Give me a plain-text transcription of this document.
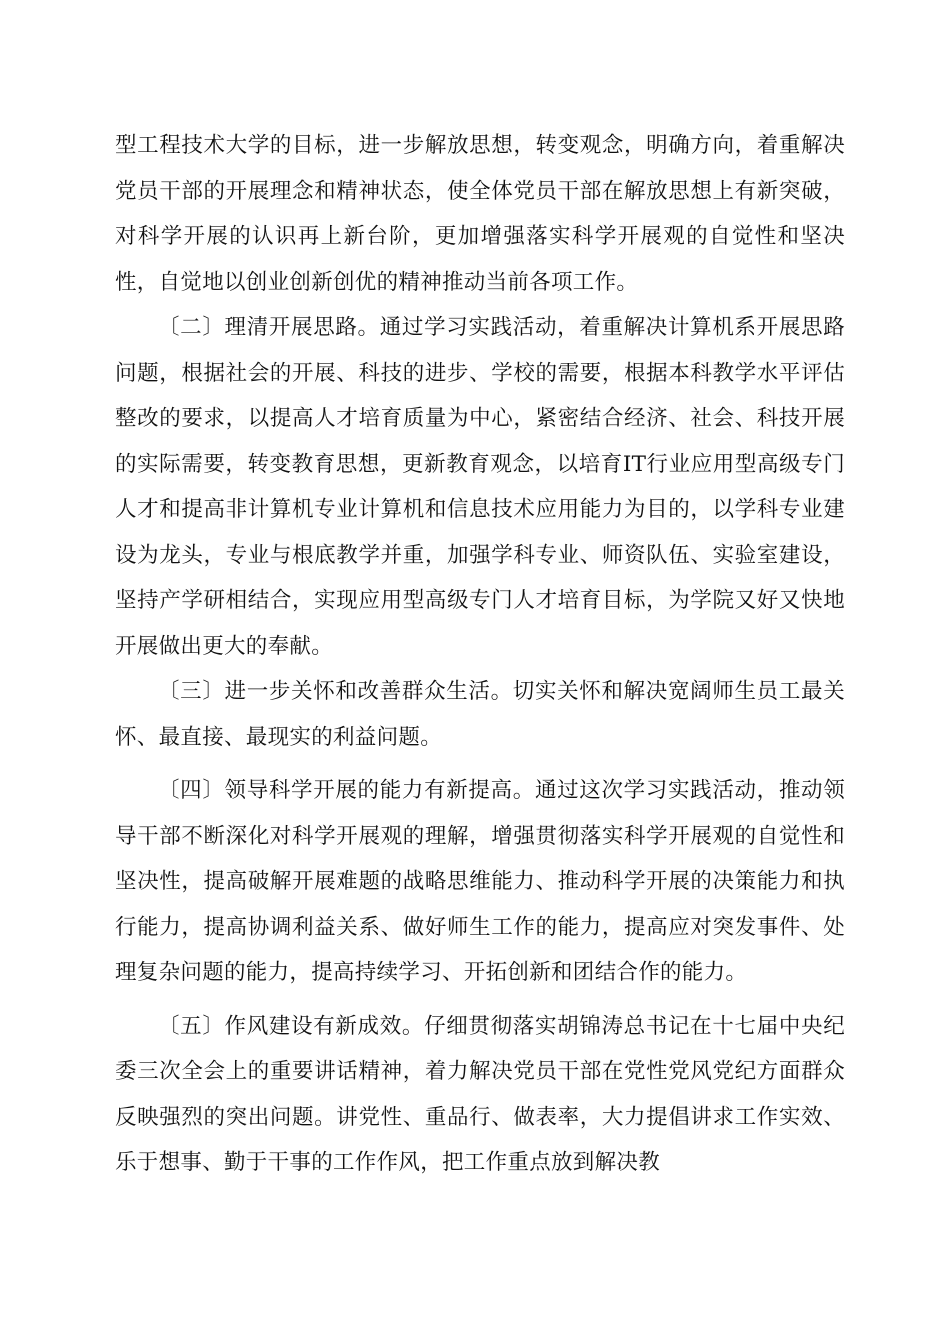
型工程技术大学的目标，进一步解放思想，转变观念，明确方向，着重解决党员干部的开展理念和精神状态，使全体党员干部在解放思想上有新突破，对科学开展的认识再上新台阶，更加增强落实科学开展观的自觉性和坚决性，自觉地以创业创新创优的精神推动当前各项工作。

〔二〕理清开展思路。通过学习实践活动，着重解决计算机系开展思路问题，根据社会的开展、科技的进步、学校的需要，根据本科教学水平评估整改的要求，以提高人才培育质量为中心，紧密结合经济、社会、科技开展的实际需要，转变教育思想，更新教育观念，以培育IT行业应用型高级专门人才和提高非计算机专业计算机和信息技术应用能力为目的，以学科专业建设为龙头，专业与根底教学并重，加强学科专业、师资队伍、实验室建设，坚持产学研相结合，实现应用型高级专门人才培育目标，为学院又好又快地开展做出更大的奉献。

〔三〕进一步关怀和改善群众生活。切实关怀和解决宽阔师生员工最关怀、最直接、最现实的利益问题。

〔四〕领导科学开展的能力有新提高。通过这次学习实践活动，推动领导干部不断深化对科学开展观的理解，增强贯彻落实科学开展观的自觉性和坚决性，提高破解开展难题的战略思维能力、推动科学开展的决策能力和执行能力，提高协调利益关系、做好师生工作的能力，提高应对突发事件、处理复杂问题的能力，提高持续学习、开拓创新和团结合作的能力。

〔五〕作风建设有新成效。仔细贯彻落实胡锦涛总书记在十七届中央纪委三次全会上的重要讲话精神，着力解决党员干部在党性党风党纪方面群众反映强烈的突出问题。讲党性、重品行、做表率，大力提倡讲求工作实效、乐于想事、勤于干事的工作作风，把工作重点放到解决教
